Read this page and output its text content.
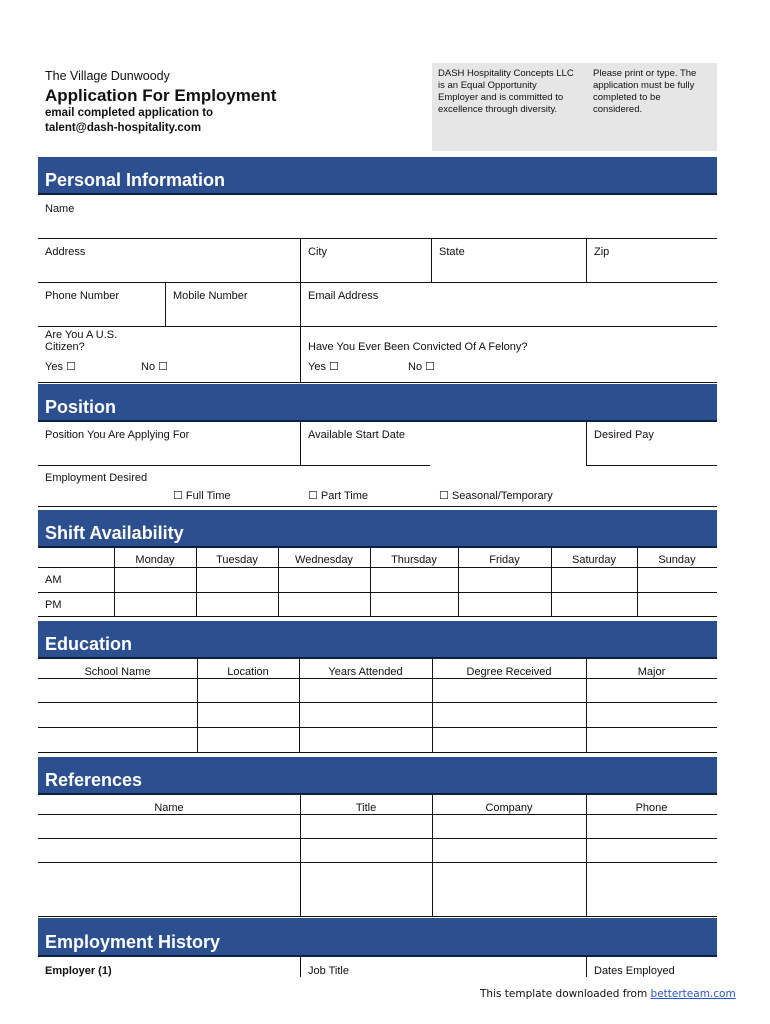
The Village Dunwoody
Application For Employment
email completed application to
talent@dash-hospitality.com
DASH Hospitality Concepts LLC is an Equal Opportunity Employer and is committed to excellence through diversity.
Please print or type. The application must be fully completed to be considered.
Personal Information
Name
Address	City	State	Zip
Phone Number	Mobile Number	Email Address
Are You A U.S.
Citizen?	Have You Ever Been Convicted Of A Felony?
Yes ☐	No ☐	Yes ☐	No ☐
Position
Position You Are Applying For	Available Start Date	Desired Pay
Employment Desired
☐ Full Time	☐ Part Time	☐ Seasonal/Temporary
Shift Availability
Monday	Tuesday	Wednesday	Thursday	Friday	Saturday	Sunday
AM
PM
Education
School Name	Location	Years Attended	Degree Received	Major
References
Name	Title	Company	Phone
Employment History
Employer (1)	Job Title	Dates Employed
This template downloaded from betterteam.com
